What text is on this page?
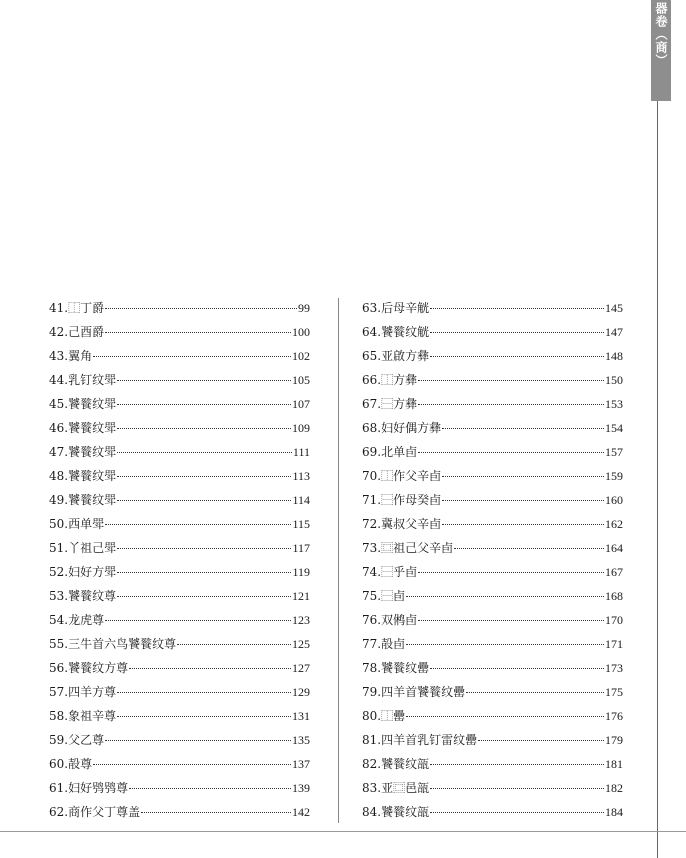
器卷（商）
41.⿰丁爵	99
42.己酉爵	100
43.翼角	102
44.乳钉纹斝	105
45.饕餮纹斝	107
46.饕餮纹斝	109
47.饕餮纹斝	111
48.饕餮纹斝	113
49.饕餮纹斝	114
50.西单斝	115
51.丫祖己斝	117
52.妇好方斝	119
53.饕餮纹尊	121
54.龙虎尊	123
55.三牛首六鸟饕餮纹尊	125
56.饕餮纹方尊	127
57.四羊方尊	129
58.象祖辛尊	131
59.父乙尊	135
60.㱿尊	137
61.妇好鸮鸮尊	139
62.商作父丁尊盖	142
63.后母辛觥	145
64.饕餮纹觥	147
65.亚啟方彝	148
66.⿰方彝	150
67.⿱方彝	153
68.妇好偶方彝	154
69.北单卣	157
70.⿰作父辛卣	159
71.⿱作母癸卣	160
72.冀叔父辛卣	162
73.⿴祖己父辛卣	164
74.⿱乎卣	167
75.⿱卣	168
76.双鸺卣	170
77.㱿卣	171
78.饕餮纹罍	173
79.四羊首饕餮纹罍	175
80.⿰罍	176
81.四羊首乳钉雷纹罍	179
82.饕餮纹瓿	181
83.亚⿴邑瓿	182
84.饕餮纹瓿	184
